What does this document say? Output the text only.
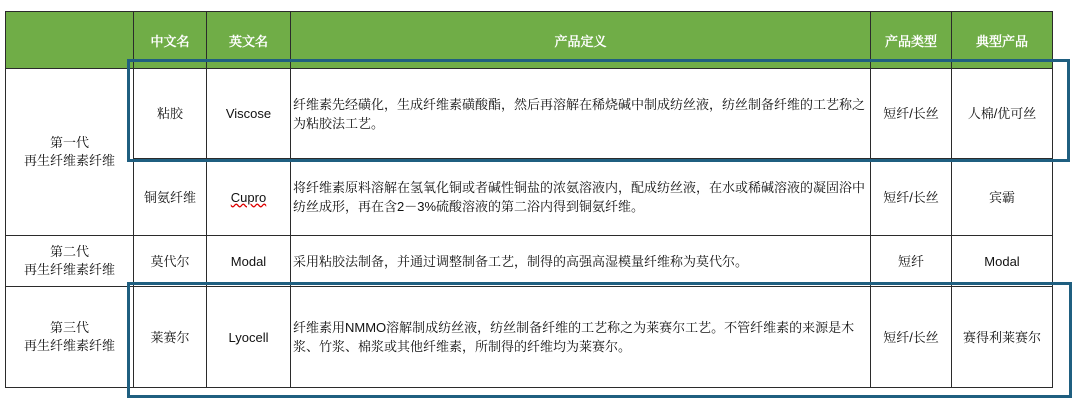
	中文名	英文名	产品定义	产品类型	典型产品

第一代
再生纤维素纤维	粘胶	Viscose	纤维素先经磺化，生成纤维素磺酸酯，然后再溶解在稀烧碱中制成纺丝液，纺丝制备纤维的工艺称之为粘胶法工艺。	短纤/长丝	人棉/优可丝
	铜氨纤维	Cupro	将纤维素原料溶解在氢氧化铜或者碱性铜盐的浓氨溶液内，配成纺丝液，在水或稀碱溶液的凝固浴中纺丝成形，再在含2－3%硫酸溶液的第二浴内得到铜氨纤维。	短纤/长丝	宾霸

第二代
再生纤维素纤维	莫代尔	Modal	采用粘胶法制备，并通过调整制备工艺，制得的高强高湿模量纤维称为莫代尔。	短纤	Modal

第三代
再生纤维素纤维	莱赛尔	Lyocell	纤维素用NMMO溶解制成纺丝液，纺丝制备纤维的工艺称之为莱赛尔工艺。不管纤维素的来源是木浆、竹浆、棉浆或其他纤维素，所制得的纤维均为莱赛尔。	短纤/长丝	赛得利莱赛尔
